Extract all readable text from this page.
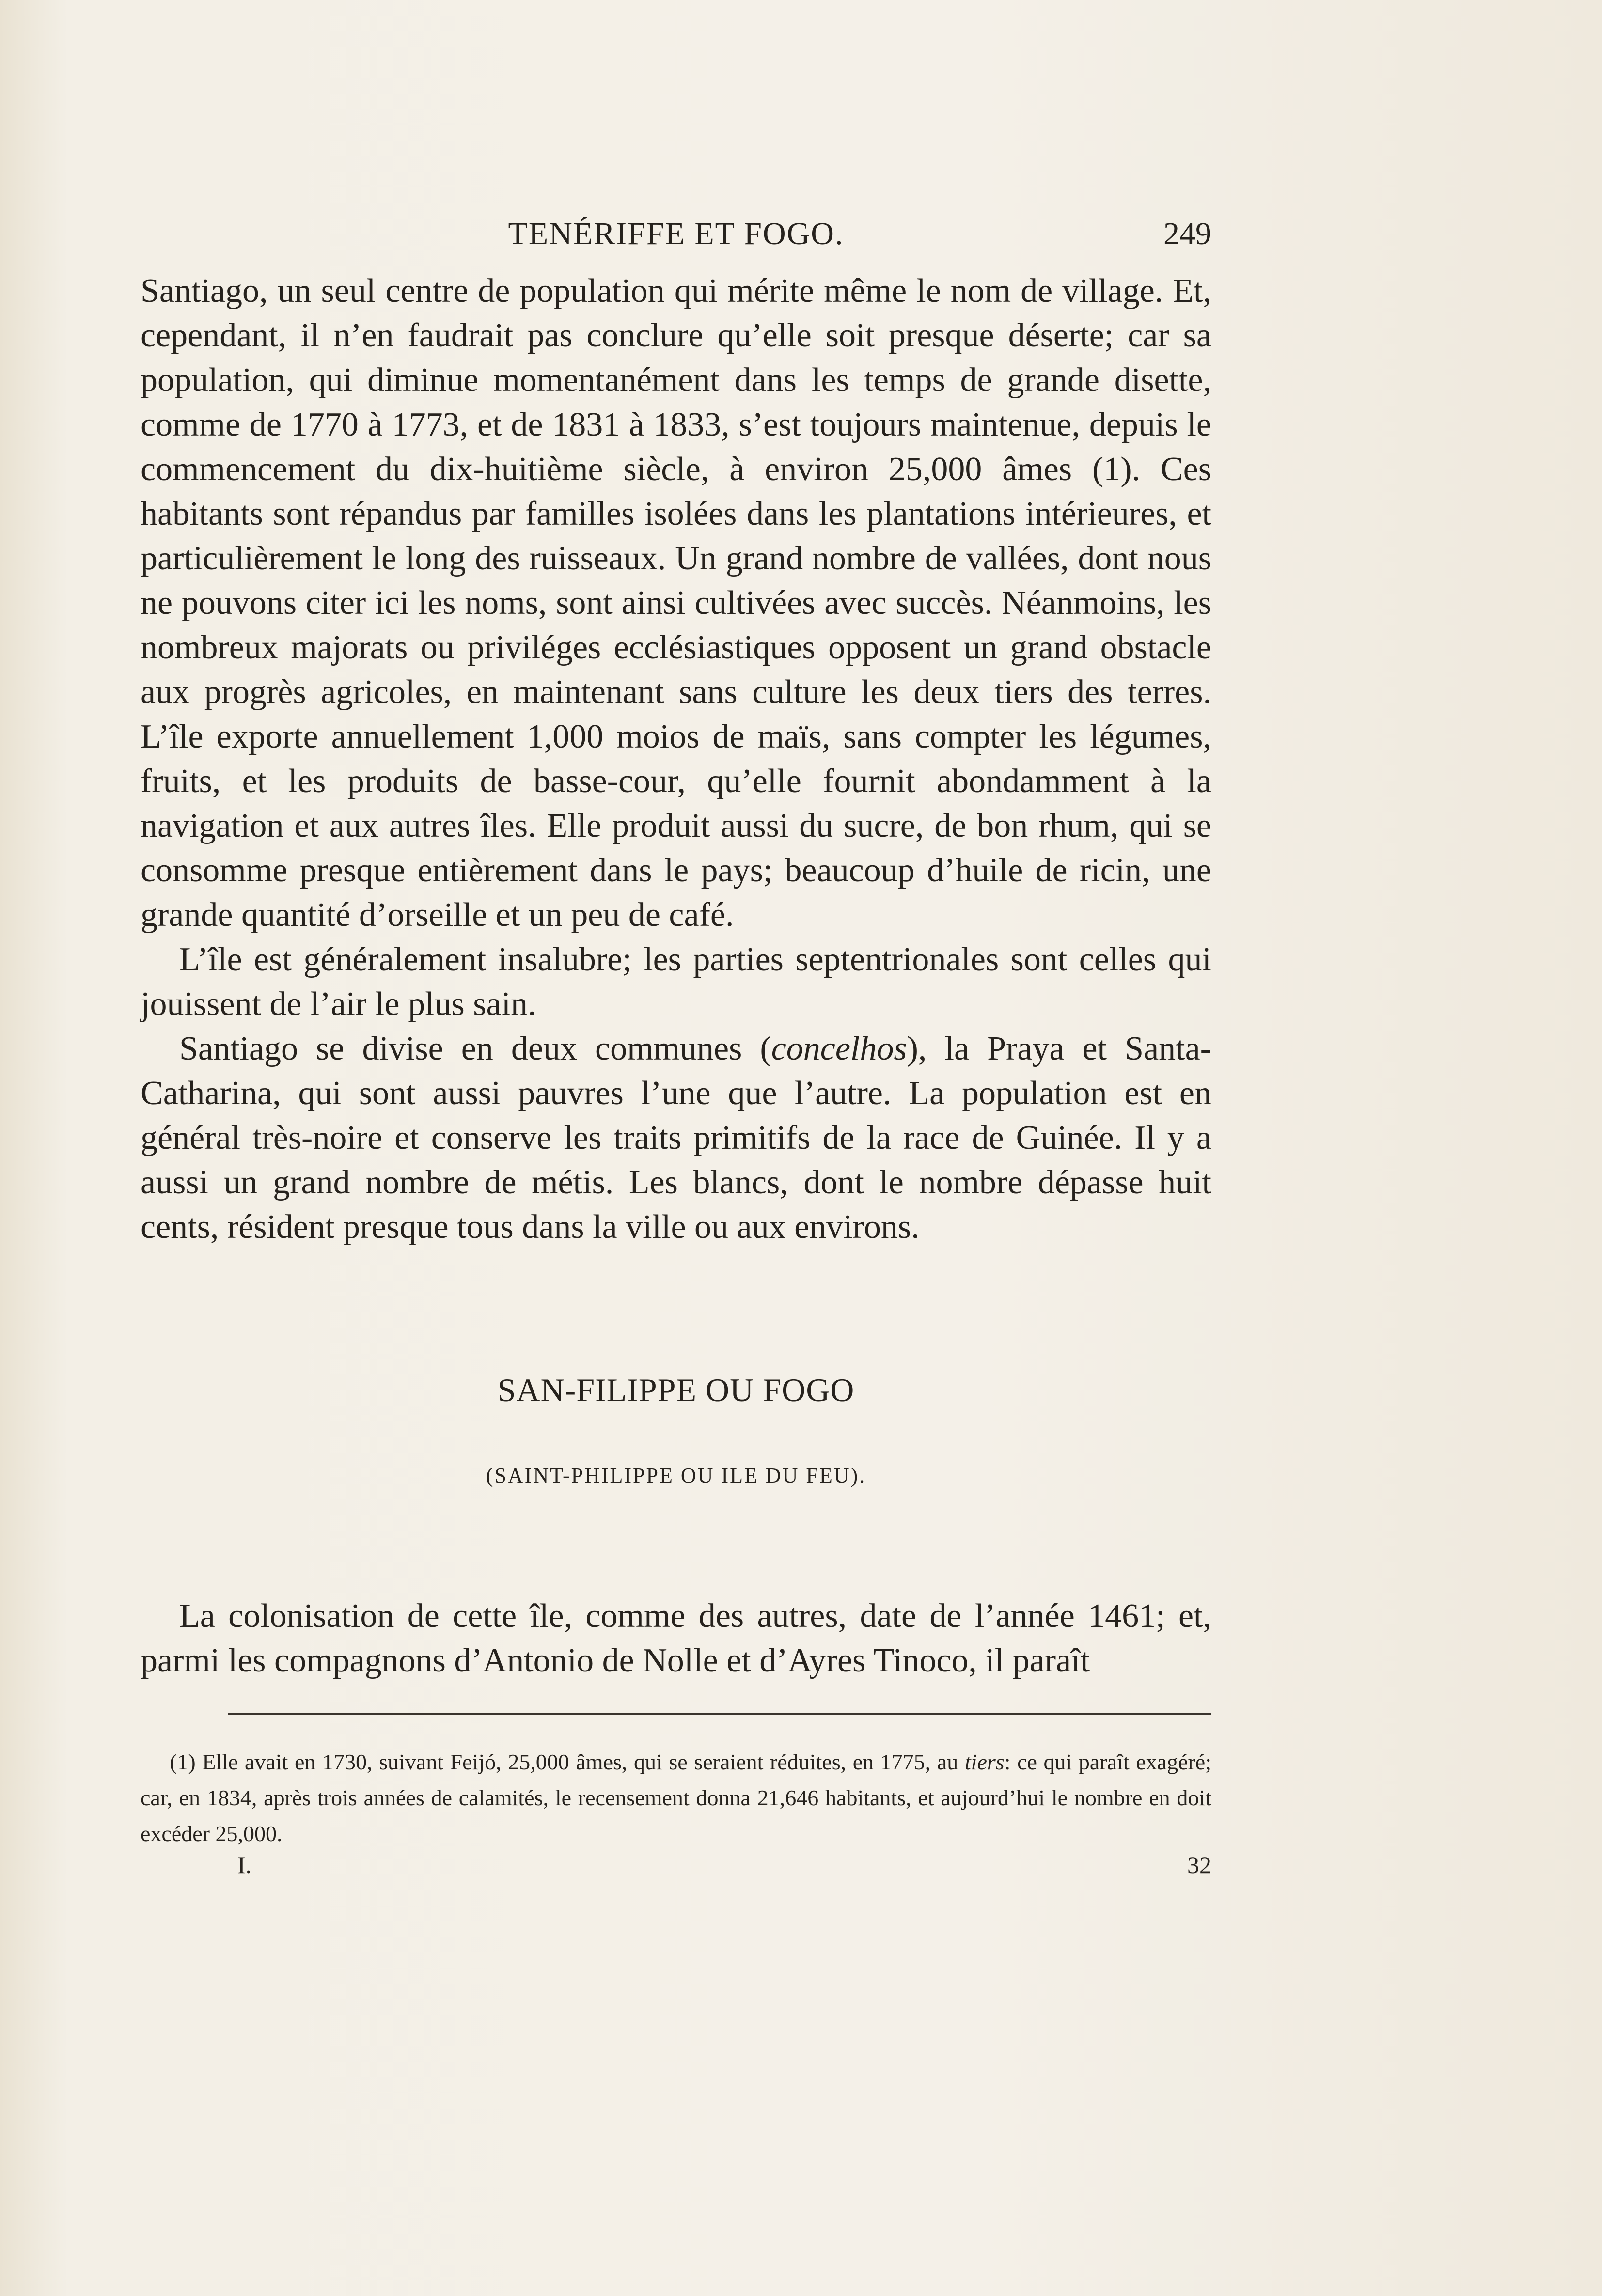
TENÉRIFFE ET FOGO.	249

Santiago, un seul centre de population qui mérite même le nom de village. Et, cependant, il n’en faudrait pas conclure qu’elle soit presque déserte; car sa population, qui diminue momentanément dans les temps de grande disette, comme de 1770 à 1773, et de 1831 à 1833, s’est toujours maintenue, depuis le commencement du dix-huitième siècle, à environ 25,000 âmes (1). Ces habitants sont répandus par familles isolées dans les plantations intérieures, et particulièrement le long des ruisseaux. Un grand nombre de vallées, dont nous ne pouvons citer ici les noms, sont ainsi cultivées avec succès. Néanmoins, les nombreux majorats ou priviléges ecclésiastiques opposent un grand obstacle aux progrès agricoles, en maintenant sans culture les deux tiers des terres. L’île exporte annuellement 1,000 moios de maïs, sans compter les légumes, fruits, et les produits de basse-cour, qu’elle fournit abondamment à la navigation et aux autres îles. Elle produit aussi du sucre, de bon rhum, qui se consomme presque entièrement dans le pays; beaucoup d’huile de ricin, une grande quantité d’orseille et un peu de café.

L’île est généralement insalubre; les parties septentrionales sont celles qui jouissent de l’air le plus sain.

Santiago se divise en deux communes (concelhos), la Praya et Santa-Catharina, qui sont aussi pauvres l’une que l’autre. La population est en général très-noire et conserve les traits primitifs de la race de Guinée. Il y a aussi un grand nombre de métis. Les blancs, dont le nombre dépasse huit cents, résident presque tous dans la ville ou aux environs.

SAN-FILIPPE OU FOGO
(SAINT-PHILIPPE OU ILE DU FEU).

La colonisation de cette île, comme des autres, date de l’année 1461; et, parmi les compagnons d’Antonio de Nolle et d’Ayres Tinoco, il paraît

(1) Elle avait en 1730, suivant Feijó, 25,000 âmes, qui se seraient réduites, en 1775, au tiers: ce qui paraît exagéré; car, en 1834, après trois années de calamités, le recensement donna 21,646 habitants, et aujourd’hui le nombre en doit excéder 25,000.

I.	32
